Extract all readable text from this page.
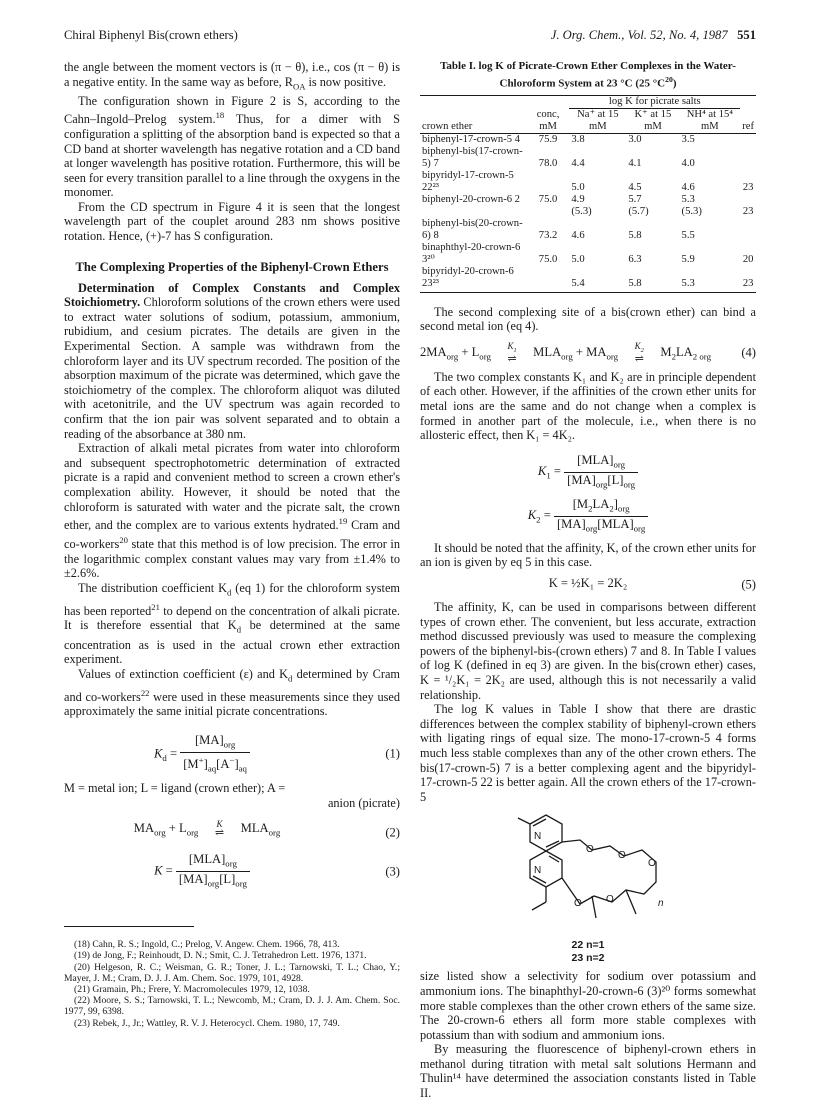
Chiral Biphenyl Bis(crown ethers)	J. Org. Chem., Vol. 52, No. 4, 1987 551

the angle between the moment vectors is (π − θ), i.e., cos (π − θ) is a negative entity. In the same way as before, $R_{OA}$ is now positive.

The configuration shown in Figure 2 is S, according to the Cahn–Ingold–Prelog system.$^{18}$ Thus, for a dimer with S configuration a splitting of the absorption band is expected so that a CD band at shorter wavelength has negative rotation and a CD band at longer wavelength has positive rotation. Furthermore, this will be seen for every transition parallel to a line through the oxygens in the monomer.

From the CD spectrum in Figure 4 it is seen that the longest wavelength part of the couplet around 283 nm shows positive rotation. Hence, (+)-7 has S configuration.

The Complexing Properties of the Biphenyl-Crown Ethers

Determination of Complex Constants and Complex Stoichiometry. Chloroform solutions of the crown ethers were used to extract water solutions of sodium, potassium, ammonium, rubidium, and cesium picrates. The details are given in the Experimental Section. A sample was withdrawn from the chloroform layer and its UV spectrum recorded. The position of the absorption maximum of the picrate was determined, which gave the stoichiometry of the complex. The chloroform aliquot was diluted with acetonitrile, and the UV spectrum was again recorded to confirm that the ion pair was solvent separated and to obtain a reading of the absorbance at 380 nm.

Extraction of alkali metal picrates from water into chloroform and subsequent spectrophotometric determination of extracted picrate is a rapid and convenient method to screen a crown ether's complexation ability. However, it should be noted that the chloroform is saturated with water and the picrate salt, the crown ether, and the complex are to various extents hydrated.$^{19}$ Cram and co-workers$^{20}$ state that this method is of low precision. The error in the logarithmic complex constant values may vary from ±1.4% to ±2.6%.

The distribution coefficient $K_d$ (eq 1) for the chloroform system has been reported$^{21}$ to depend on the concentration of alkali picrate. It is therefore essential that $K_d$ be determined at the same concentration as is used in the actual crown ether extraction experiment.

Values of extinction coefficient (ε) and $K_d$ determined by Cram and co-workers$^{22}$ were used in these measurements since they used approximately the same initial picrate concentrations.

$K_d = \frac{[MA]_{org}}{[M^+]_{aq}[A^-]_{aq}}$	(1)

M = metal ion; L = ligand (crown ether); A =

anion (picrate)

$MA_{org} + L_{org}$
K
⇌	$MLA_{org}$	(2)
$K = \frac{[MLA]_{org}}{[MA]_{org}[L]_{org}}$	(3)
(18) Cahn, R. S.; Ingold, C.; Prelog, V. Angew. Chem. 1966, 78, 413.
(19) de Jong, F.; Reinhoudt, D. N.; Smit, C. J. Tetrahedron Lett. 1976, 1371.
(20) Helgeson, R. C.; Weisman, G. R.; Toner, J. L.; Tarnowski, T. L.; Chao, Y.; Mayer, J. M.; Cram, D. J. J. Am. Chem. Soc. 1979, 101, 4928.
(21) Gramain, Ph.; Frere, Y. Macromolecules 1979, 12, 1038.
(22) Moore, S. S.; Tarnowski, T. L.; Newcomb, M.; Cram, D. J. J. Am. Chem. Soc. 1977, 99, 6398.
(23) Rebek, J., Jr.; Wattley, R. V. J. Heterocycl. Chem. 1980, 17, 749.
Table I. log K of Picrate-Crown Ether Complexes in the Water-Chloroform System at 23 °C (25 $^\circ C^{20}$)
		log K for picrate salts			
crown ether	conc, mM	Na⁺ at 15 mM	K⁺ at 15 mM	NH⁴ at 15⁴ mM	ref
biphenyl-17-crown-5 4	75.9	3.8	3.0	3.5	
biphenyl-bis(17-crown-5) 7	78.0	4.4	4.1	4.0	
bipyridyl-17-crown-5 22²³		5.0	4.5	4.6	23
biphenyl-20-crown-6 2	75.0	4.9	5.7	5.3	
		(5.3)	(5.7)	(5.3)	23
biphenyl-bis(20-crown-6) 8	73.2	4.6	5.8	5.5	
binaphthyl-20-crown-6 3²⁰	75.0	5.0	6.3	5.9	20
bipyridyl-20-crown-6 23²³		5.4	5.8	5.3	23

The second complexing site of a bis(crown ether) can bind a second metal ion (eq 4).

$2MA_{org} + L_{org}$
$K_1$
⇌	$MLA_{org} + MA_{org}$
$K_2$
⇌	$M_2LA_{2 org}$ (4)

The two complex constants K₁ and K₂ are in principle dependent of each other. However, if the affinities of the crown ether units for metal ions are the same and do not change when a complex is formed in another part of the molecule, i.e., when there is no allosteric effect, then K₁ = 4K₂.

$K_1 = \frac{[MLA]_{org}}{[MA]_{org}[L]_{org}}$
$K_2 = \frac{[M_2LA_2]_{org}}{[MA]_{org}[MLA]_{org}}$

It should be noted that the affinity, K, of the crown ether units for an ion is given by eq 5 in this case.

K = ½K₁ = 2K₂	(5)

The affinity, K, can be used in comparisons between different types of crown ether. The convenient, but less accurate, extraction method discussed previously was used to measure the complexing powers of the biphenyl-bis-(crown ethers) 7 and 8. In Table I values of log K (defined in eq 3) are given. In the bis(crown ether) cases, K = ¹/₂K₁ = 2K₂ are used, although this is not necessarily a valid relationship.

The log K values in Table I show that there are drastic differences between the complex stability of biphenyl-crown ethers with ligating rings of equal size. The mono-17-crown-5 4 forms much less stable complexes than any of the other crown ethers. The bis(17-crown-5) 7 is a better complexing agent and the bipyridyl-17-crown-5 22 is better again. All the crown ethers of the 17-crown-5

N
N
O
O
O
O
O	n
22 n=1
23 n=2

size listed show a selectivity for sodium over potassium and ammonium ions. The binaphthyl-20-crown-6 (3)²⁰ forms somewhat more stable complexes than the other crown ethers of the same size. The 20-crown-6 ethers all form more stable complexes with potassium than with sodium and ammonium ions.

By measuring the fluorescence of biphenyl-crown ethers in methanol during titration with metal salt solutions Hermann and Thulin¹⁴ have determined the association constants listed in Table II.
